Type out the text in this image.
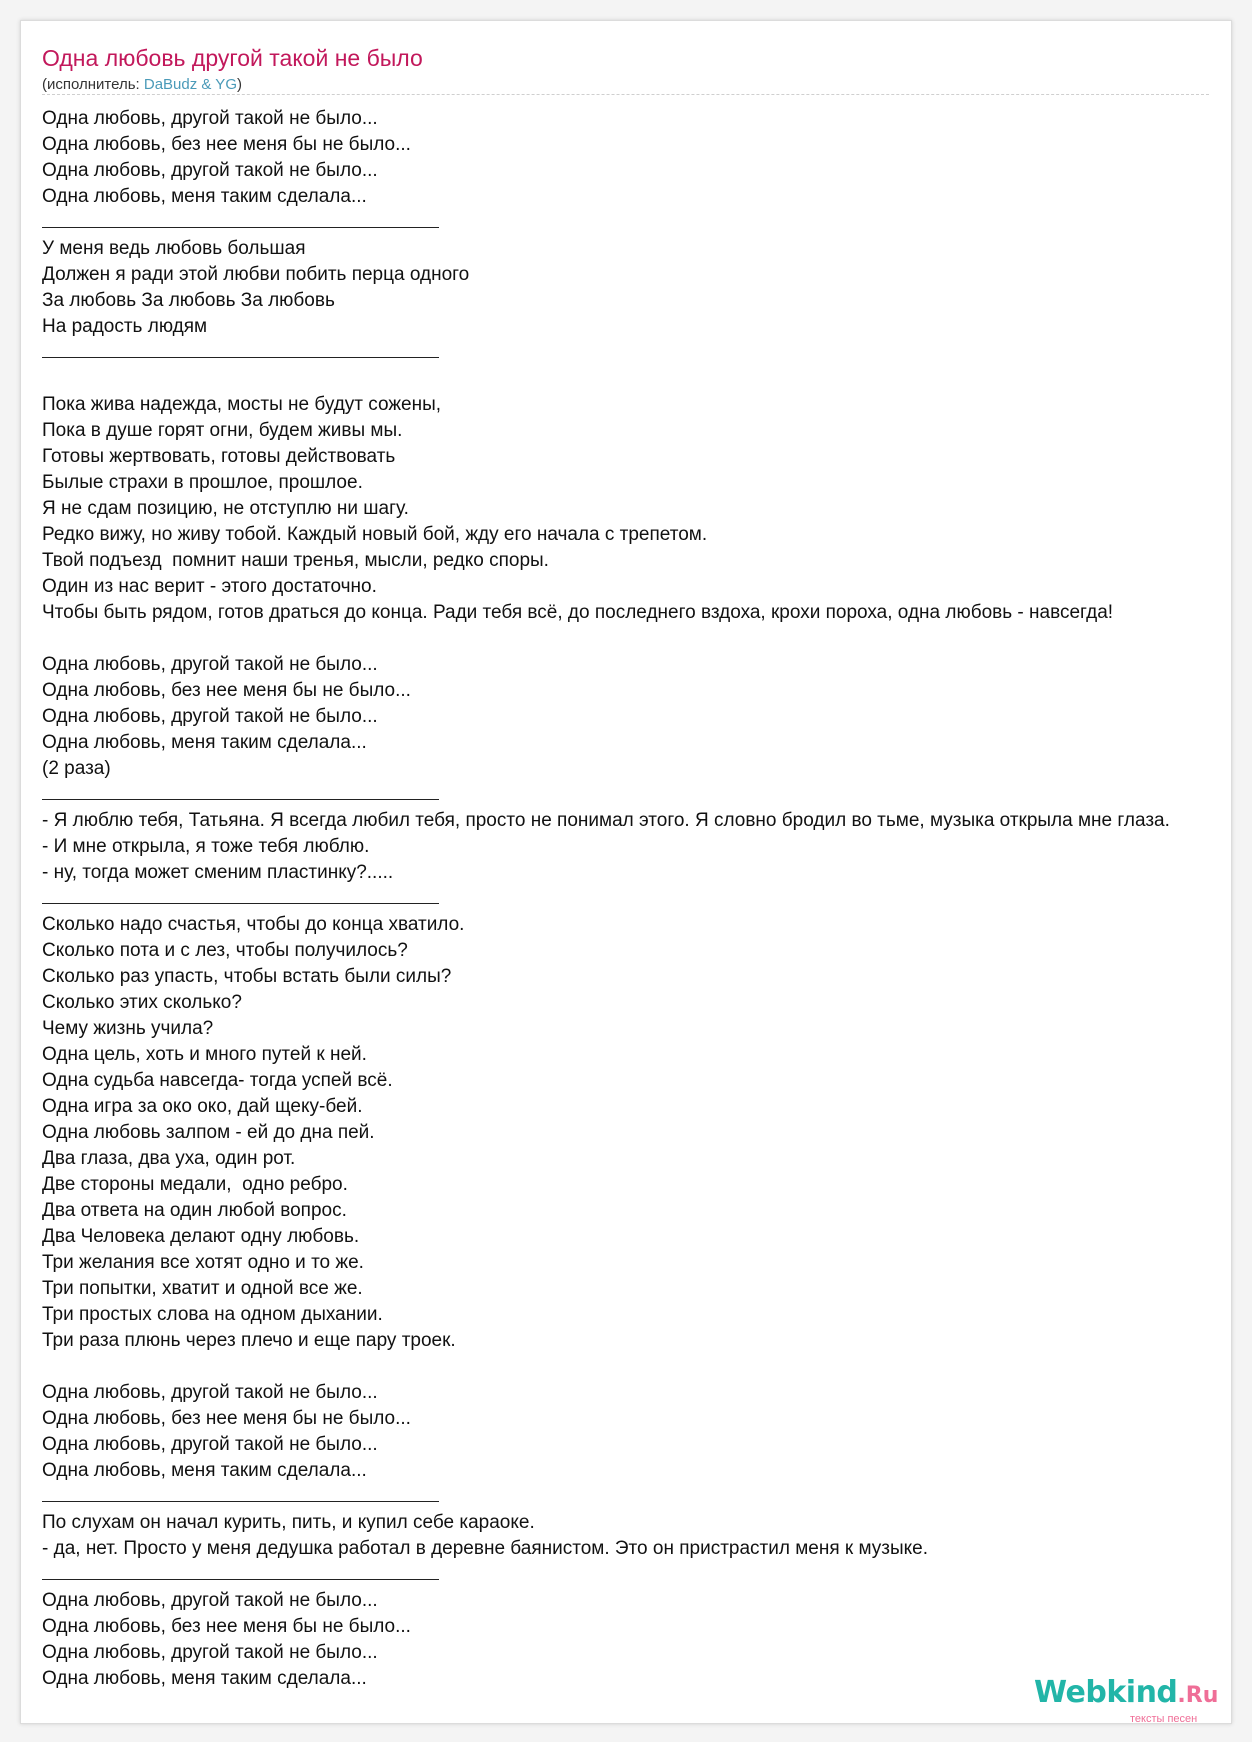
Одна любовь другой такой не было
(исполнитель: DaBudz & YG)
Одна любовь, другой такой не было...
Одна любовь, без нее меня бы не было...
Одна любовь, другой такой не было...
Одна любовь, меня таким сделала...
У меня ведь любовь большая
Должен я ради этой любви побить перца одного
За любовь За любовь За любовь
На радость людям
Пока жива надежда, мосты не будут сожены,
Пока в душе горят огни, будем живы мы.
Готовы жертвовать, готовы действовать
Былые страхи в прошлое, прошлое.
Я не сдам позицию, не отступлю ни шагу.
Редко вижу, но живу тобой. Каждый новый бой, жду его начала с трепетом.
Твой подъезд  помнит наши тренья, мысли, редко споры.
Один из нас верит - этого достаточно.
Чтобы быть рядом, готов драться до конца. Ради тебя всё, до последнего вздоха, крохи пороха, одна любовь - навсегда!
Одна любовь, другой такой не было...
Одна любовь, без нее меня бы не было...
Одна любовь, другой такой не было...
Одна любовь, меня таким сделала...
(2 раза)
- Я люблю тебя, Татьяна. Я всегда любил тебя, просто не понимал этого. Я словно бродил во тьме, музыка открыла мне глаза.
- И мне открыла, я тоже тебя люблю.
- ну, тогда может сменим пластинку?.....
Сколько надо счастья, чтобы до конца хватило.
Сколько пота и с лез, чтобы получилось?
Сколько раз упасть, чтобы встать были силы?
Сколько этих сколько?
Чему жизнь учила?
Одна цель, хоть и много путей к ней.
Одна судьба навсегда- тогда успей всё.
Одна игра за око око, дай щеку-бей.
Одна любовь залпом - ей до дна пей.
Два глаза, два уха, один рот.
Две стороны медали,  одно ребро.
Два ответа на один любой вопрос.
Два Человека делают одну любовь.
Три желания все хотят одно и то же.
Три попытки, хватит и одной все же.
Три простых слова на одном дыхании.
Три раза плюнь через плечо и еще пару троек.
Одна любовь, другой такой не было...
Одна любовь, без нее меня бы не было...
Одна любовь, другой такой не было...
Одна любовь, меня таким сделала...
По слухам он начал курить, пить, и купил себе караоке.
- да, нет. Просто у меня дедушка работал в деревне баянистом. Это он пристрастил меня к музыке.
Одна любовь, другой такой не было...
Одна любовь, без нее меня бы не было...
Одна любовь, другой такой не было...
Одна любовь, меня таким сделала...	Webkind.Ru
тексты песен
